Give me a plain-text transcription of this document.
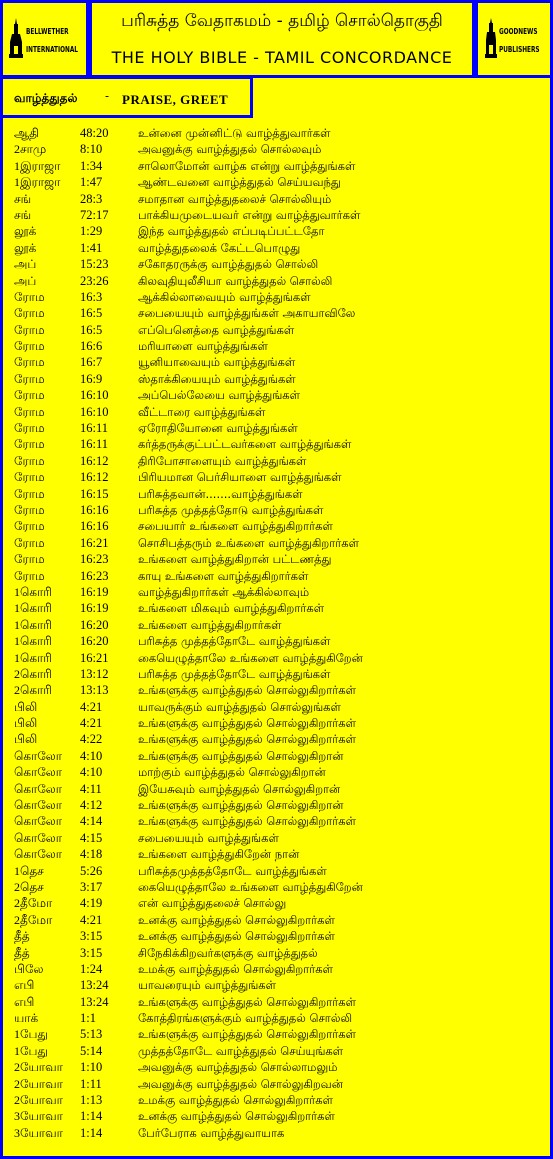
BELLWETHER
INTERNATIONAL
பரிசுத்த வேதாகமம் - தமிழ் சொல்தொகுதி
THE HOLY BIBLE - TAMIL CONCORDANCE
GOODNEWS
PUBLISHERS
வாழ்த்துதல் - PRAISE, GREET
ஆதி	48:20	உன்னை முன்னிட்டு வாழ்த்துவார்கள்
2சாமு	8:10	அவனுக்கு வாழ்த்துதல் சொல்லவும்
1இராஜா 1:34	சாலொமோன் வாழ்க என்று வாழ்த்துங்கள்
1இராஜா 1:47	ஆண்டவனை வாழ்த்துதல் செய்யவந்து
சங்	28:3	சமாதான வாழ்த்துதலைச் சொல்லியும்
சங்	72:17	பாக்கியமுடையவர் என்று வாழ்த்துவார்கள்
லூக்	1:29	இந்த வாழ்த்துதல் எப்படிப்பட்டதோ
லூக்	1:41	வாழ்த்துதலைக் கேட்டபொழுது
அப்	15:23	சகோதரருக்கு வாழ்த்துதல் சொல்லி
அப்	23:26	கிலவுதியுலீசியா வாழ்த்துதல் சொல்லி
ரோம	16:3	ஆக்கில்லாவையும் வாழ்த்துங்கள்
ரோம	16:5	சபையையும் வாழ்த்துங்கள் அகாயாவிலே
ரோம	16:5	எப்பெனெத்தை வாழ்த்துங்கள்
ரோம	16:6	மரியாளை வாழ்த்துங்கள்
ரோம	16:7	யூனியாவையும் வாழ்த்துங்கள்
ரோம	16:9	ஸ்தாக்கியையும் வாழ்த்துங்கள்
ரோம	16:10	அப்பெல்லேயை வாழ்த்துங்கள்
ரோம	16:10	வீட்டாரை வாழ்த்துங்கள்
ரோம	16:11	ஏரோதியோனை வாழ்த்துங்கள்
ரோம	16:11	கர்த்தருக்குட்பட்டவர்களை வாழ்த்துங்கள்
ரோம	16:12	திரிபோசாளையும் வாழ்த்துங்கள்
ரோம	16:12	பிரியமான பெர்சியாளை வாழ்த்துங்கள்
ரோம	16:15	பரிசுத்தவான்.......வாழ்த்துங்கள்
ரோம	16:16	பரிசுத்த முத்தத்தோடு வாழ்த்துங்கள்
ரோம	16:16	சபையார் உங்களை வாழ்த்துகிறார்கள்
ரோம	16:21	சொசிபத்தரும் உங்களை வாழ்த்துகிறார்கள்
ரோம	16:23	உங்களை வாழ்த்துகிறான் பட்டணத்து
ரோம	16:23	காயு உங்களை வாழ்த்துகிறார்கள்
1கொரி 16:19	வாழ்த்துகிறார்கள் ஆக்கில்லாவும்
1கொரி 16:19	உங்களை மிகவும் வாழ்த்துகிறார்கள்
1கொரி 16:20	உங்களை வாழ்த்துகிறார்கள்
1கொரி 16:20	பரிசுத்த முத்தத்தோடே வாழ்த்துங்கள்
1கொரி 16:21	கையெழுத்தாலே உங்களை வாழ்த்துகிறேன்
2கொரி 13:12	பரிசுத்த முத்தத்தோடே வாழ்த்துங்கள்
2கொரி 13:13	உங்களுக்கு வாழ்த்துதல் சொல்லுகிறார்கள்
பிலி	4:21	யாவருக்கும் வாழ்த்துதல் சொல்லுங்கள்
பிலி	4:21	உங்களுக்கு வாழ்த்துதல் சொல்லுகிறார்கள்
பிலி	4:22	உங்களுக்கு வாழ்த்துதல் சொல்லுகிறார்கள்
கொலோ 4:10	உங்களுக்கு வாழ்த்துதல் சொல்லுகிறான்
கொலோ 4:10	மாற்கும் வாழ்த்துதல் சொல்லுகிறான்
கொலோ 4:11	இயேசுவும் வாழ்த்துதல் சொல்லுகிறான்
கொலோ 4:12	உங்களுக்கு வாழ்த்துதல் சொல்லுகிறான்
கொலோ 4:14	உங்களுக்கு வாழ்த்துதல் சொல்லுகிறார்கள்
கொலோ 4:15	சபையையும் வாழ்த்துங்கள்
கொலோ 4:18	உங்களை வாழ்த்துகிறேன் நான்
1தெச	5:26	பரிசுத்தமுத்தத்தோடே வாழ்த்துங்கள்
2தெச	3:17	கையெழுத்தாலே உங்களை வாழ்த்துகிறேன்
2தீமோ 4:19	என் வாழ்த்துதலைச் சொல்லு
2தீமோ 4:21	உனக்கு வாழ்த்துதல் சொல்லுகிறார்கள்
தீத்	3:15	உனக்கு வாழ்த்துதல் சொல்லுகிறார்கள்
தீத்	3:15	சிநேகிக்கிறவர்களுக்கு வாழ்த்துதல்
பிலே	1:24	உமக்கு வாழ்த்துதல் சொல்லுகிறார்கள்
எபி	13:24	யாவரையும் வாழ்த்துங்கள்
எபி	13:24	உங்களுக்கு வாழ்த்துதல் சொல்லுகிறார்கள்
யாக்	1:1	கோத்திரங்களுக்கும் வாழ்த்துதல் சொல்லி
1பேது	5:13	உங்களுக்கு வாழ்த்துதல் சொல்லுகிறார்கள்
1பேது	5:14	முத்தத்தோடே வாழ்த்துதல் செய்யுங்கள்
2யோவா 1:10	அவனுக்கு வாழ்த்துதல் சொல்லாமலும்
2யோவா 1:11	அவனுக்கு வாழ்த்துதல் சொல்லுகிறவன்
2யோவா 1:13	உமக்கு வாழ்த்துதல் சொல்லுகிறார்கள்
3யோவா 1:14	உனக்கு வாழ்த்துதல் சொல்லுகிறார்கள்
3யோவா 1:14	பேர்பேராக வாழ்த்துவாயாக
